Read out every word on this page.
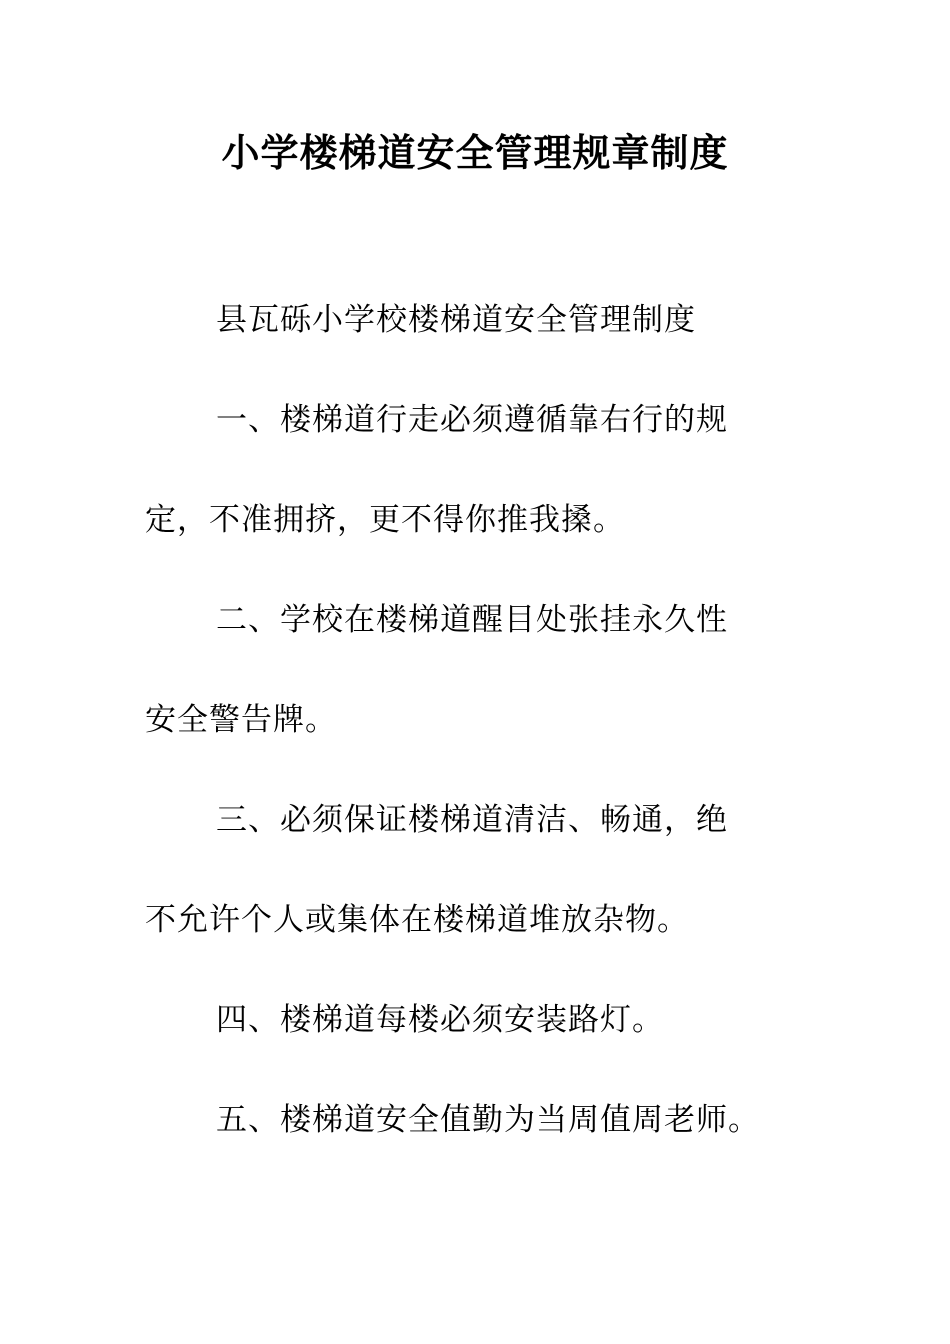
小学楼梯道安全管理规章制度

县瓦砾小学校楼梯道安全管理制度

一、楼梯道行走必须遵循靠右行的规

定，不准拥挤，更不得你推我搡。

二、学校在楼梯道醒目处张挂永久性

安全警告牌。

三、必须保证楼梯道清洁、畅通，绝

不允许个人或集体在楼梯道堆放杂物。

四、楼梯道每楼必须安装路灯。

五、楼梯道安全值勤为当周值周老师。
